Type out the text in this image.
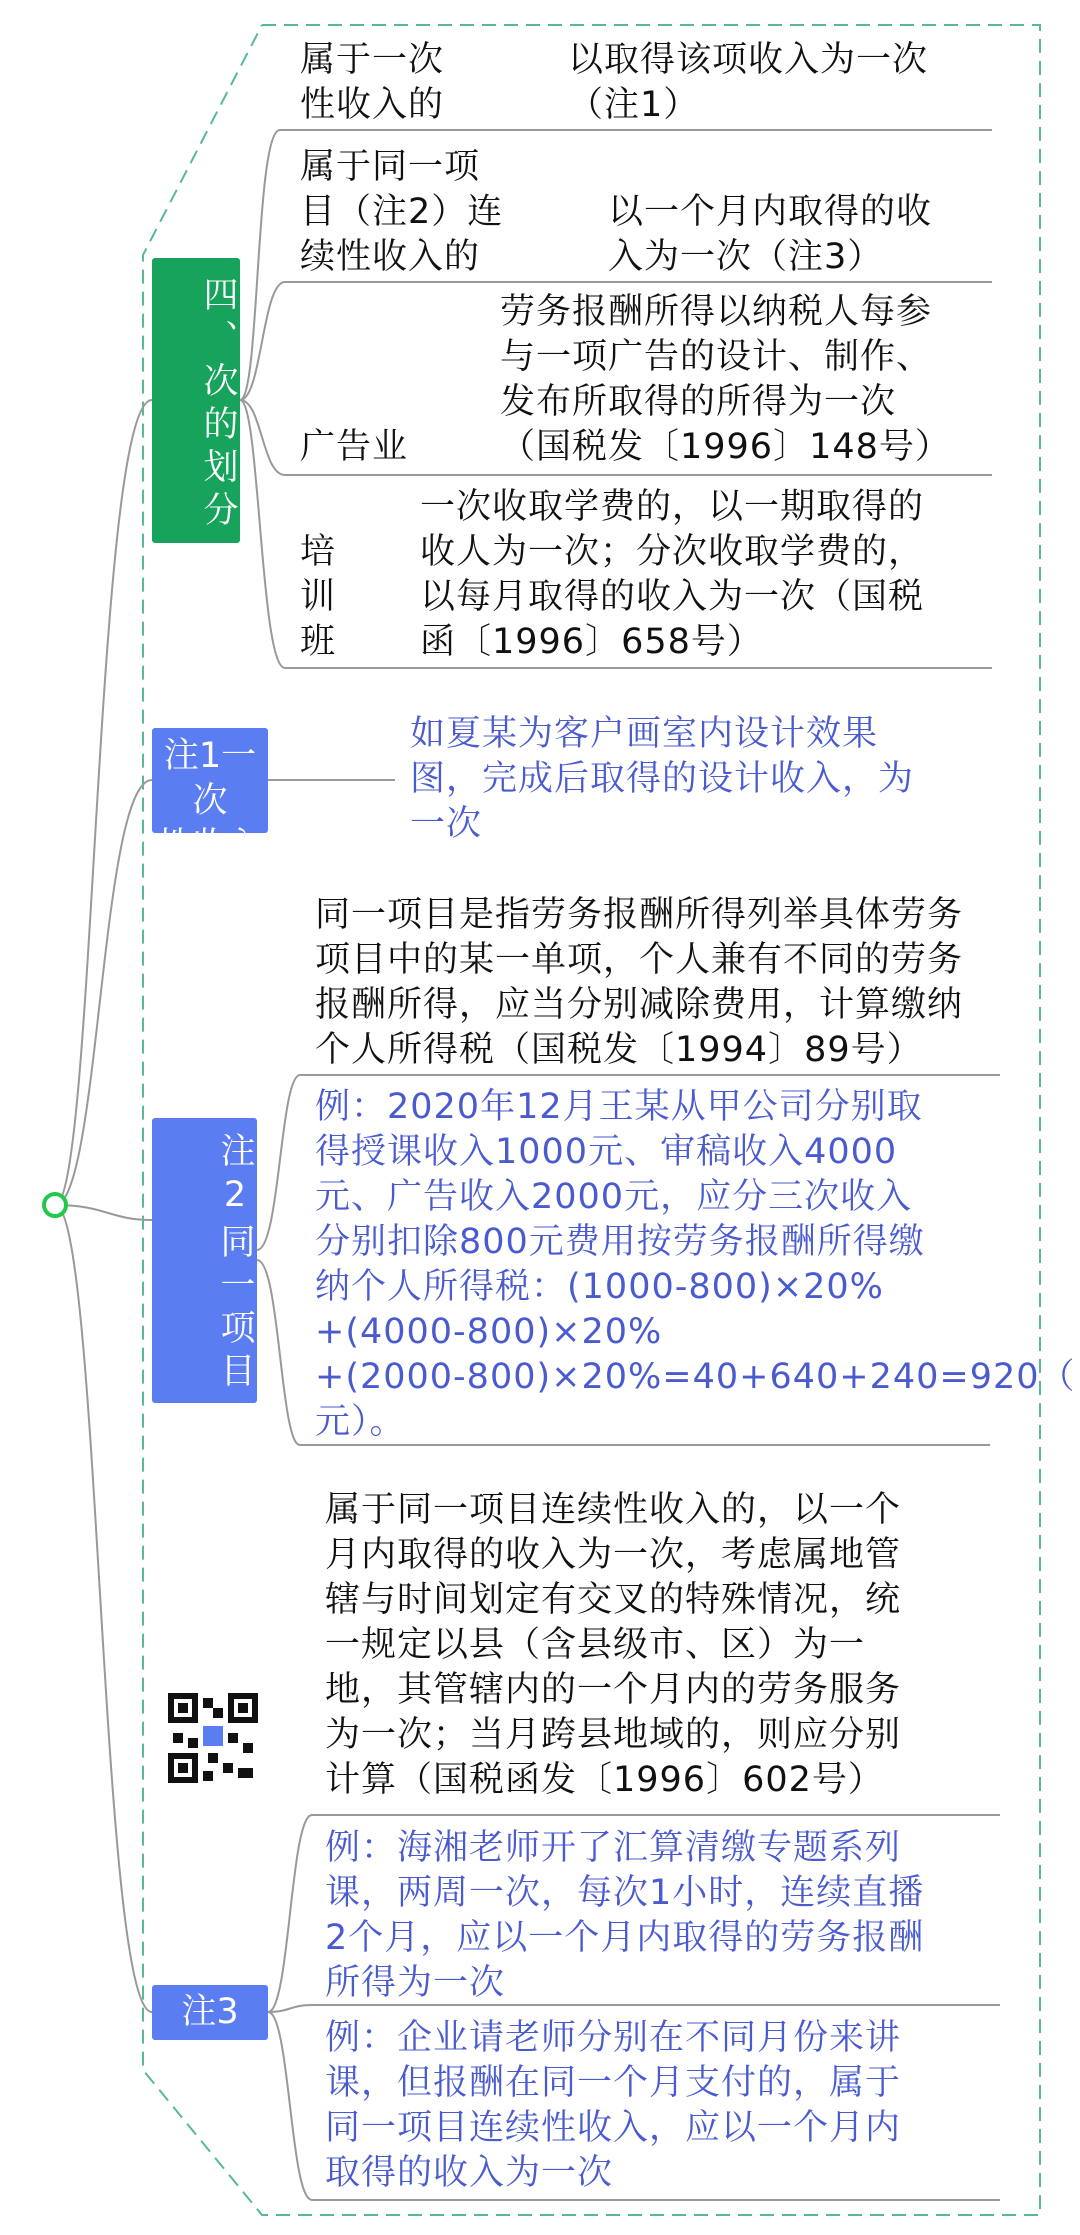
四、次的划分
属于一次
性收入的
以取得该项收入为一次
（注1）
属于同一项
目（注2）连
续性收入的
以一个月内取得的收
入为一次（注3）
广告业
劳务报酬所得以纳税人每参
与一项广告的设计、制作、
发布所取得的所得为一次
（国税发〔1996〕148号）
培
训
班
一次收取学费的，以一期取得的
收人为一次；分次收取学费的，
以每月取得的收入为一次（国税
函〔1996〕658号）
注1一次
性收入
如夏某为客户画室内设计效果
图，完成后取得的设计收入，为
一次
注2同一项目
同一项目是指劳务报酬所得列举具体劳务
项目中的某一单项，个人兼有不同的劳务
报酬所得，应当分别减除费用，计算缴纳
个人所得税（国税发〔1994〕89号）
例：2020年12月王某从甲公司分别取
得授课收入1000元、审稿收入4000
元、广告收入2000元，应分三次收入
分别扣除800元费用按劳务报酬所得缴
纳个人所得税：(1000-800)×20%
+(4000-800)×20%
+(2000-800)×20%=40+640+240=920（
元）。
注3
属于同一项目连续性收入的，以一个
月内取得的收入为一次，考虑属地管
辖与时间划定有交叉的特殊情况，统
一规定以县（含县级市、区）为一
地，其管辖内的一个月内的劳务服务
为一次；当月跨县地域的，则应分别
计算（国税函发〔1996〕602号）
例：海湘老师开了汇算清缴专题系列
课，两周一次，每次1小时，连续直播
2个月，应以一个月内取得的劳务报酬
所得为一次
例：企业请老师分别在不同月份来讲
课，但报酬在同一个月支付的，属于
同一项目连续性收入，应以一个月内
取得的收入为一次
